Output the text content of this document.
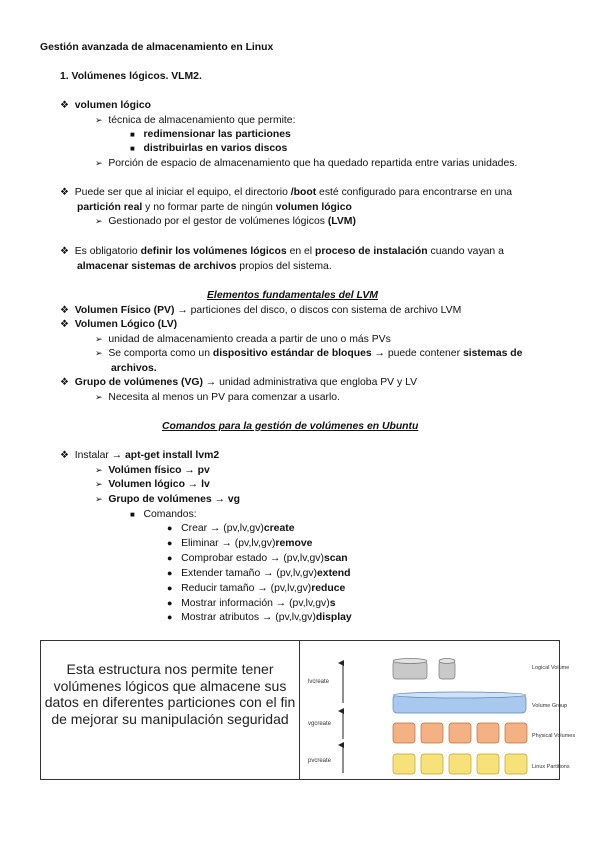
Gestión avanzada de almacenamiento en Linux
1. Volúmenes lógicos. VLM2.
❖ volumen lógico
➢ técnica de almacenamiento que permite:
■ redimensionar las particiones
■ distribuirlas en varios discos
➢ Porción de espacio de almacenamiento que ha quedado repartida entre varias unidades.
❖ Puede ser que al iniciar el equipo, el directorio /boot esté configurado para encontrarse en una
partición real y no formar parte de ningún volumen lógico
➢ Gestionado por el gestor de volúmenes lógicos (LVM)
❖ Es obligatorio definir los volúmenes lógicos en el proceso de instalación cuando vayan a
almacenar sistemas de archivos propios del sistema.
Elementos fundamentales del LVM
❖ Volumen Físico (PV) → particiones del disco, o discos con sistema de archivo LVM
❖ Volumen Lógico (LV)
➢ unidad de almacenamiento creada a partir de uno o más PVs
➢ Se comporta como un dispositivo estándar de bloques → puede contener sistemas de
archivos.
❖ Grupo de volúmenes (VG) → unidad administrativa que engloba PV y LV
➢ Necesita al menos un PV para comenzar a usarlo.
Comandos para la gestión de volúmenes en Ubuntu
❖ Instalar → apt-get install lvm2
➢ Volúmen físico → pv
➢ Volumen lógico → lv
➢ Grupo de volúmenes → vg
■ Comandos:
● Crear → (pv,lv,gv)create
● Eliminar → (pv,lv,gv)remove
● Comprobar estado → (pv,lv,gv)scan
● Extender tamaño → (pv,lv,gv)extend
● Reducir tamaño → (pv,lv,gv)reduce
● Mostrar información → (pv,lv,gv)s
● Mostrar atributos → (pv,lv,gv)display
Esta estructura nos permite tener volúmenes lógicos que almacene sus datos en diferentes particiones con el fin de mejorar su manipulación seguridad
lvcreate
vgcreate
pvcreate
Logical Volume
Volume Group
Physical Volumes
Linux Partitions
